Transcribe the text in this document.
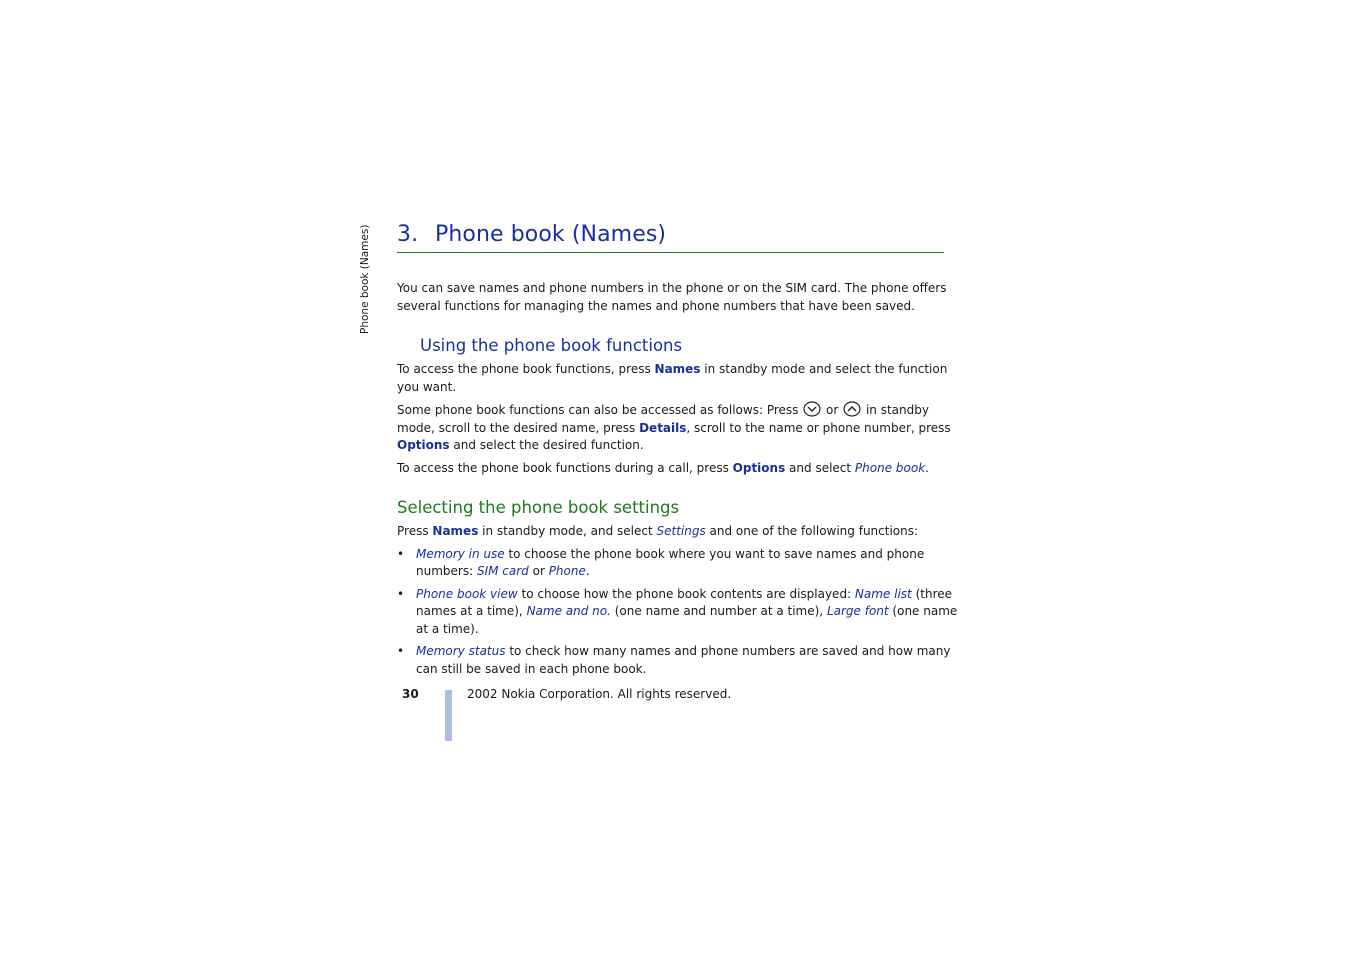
Phone book (Names) 3. Phone book (Names)

You can save names and phone numbers in the phone or on the SIM card. The phone offers several functions for managing the names and phone numbers that have been saved.

Using the phone book functions

To access the phone book functions, press Names in standby mode and select the function you want.

Some phone book functions can also be accessed as follows: Press  or  in standby mode, scroll to the desired name, press Details, scroll to the name or phone number, press Options and select the desired function.

To access the phone book functions during a call, press Options and select Phone book.

Selecting the phone book settings

Press Names in standby mode, and select Settings and one of the following functions:

• Memory in use to choose the phone book where you want to save names and phone numbers: SIM card or Phone.
• Phone book view to choose how the phone book contents are displayed: Name list (three names at a time), Name and no. (one name and number at a time), Large font (one name at a time).
• Memory status to check how many names and phone numbers are saved and how many can still be saved in each phone book.
30	2002 Nokia Corporation. All rights reserved.
